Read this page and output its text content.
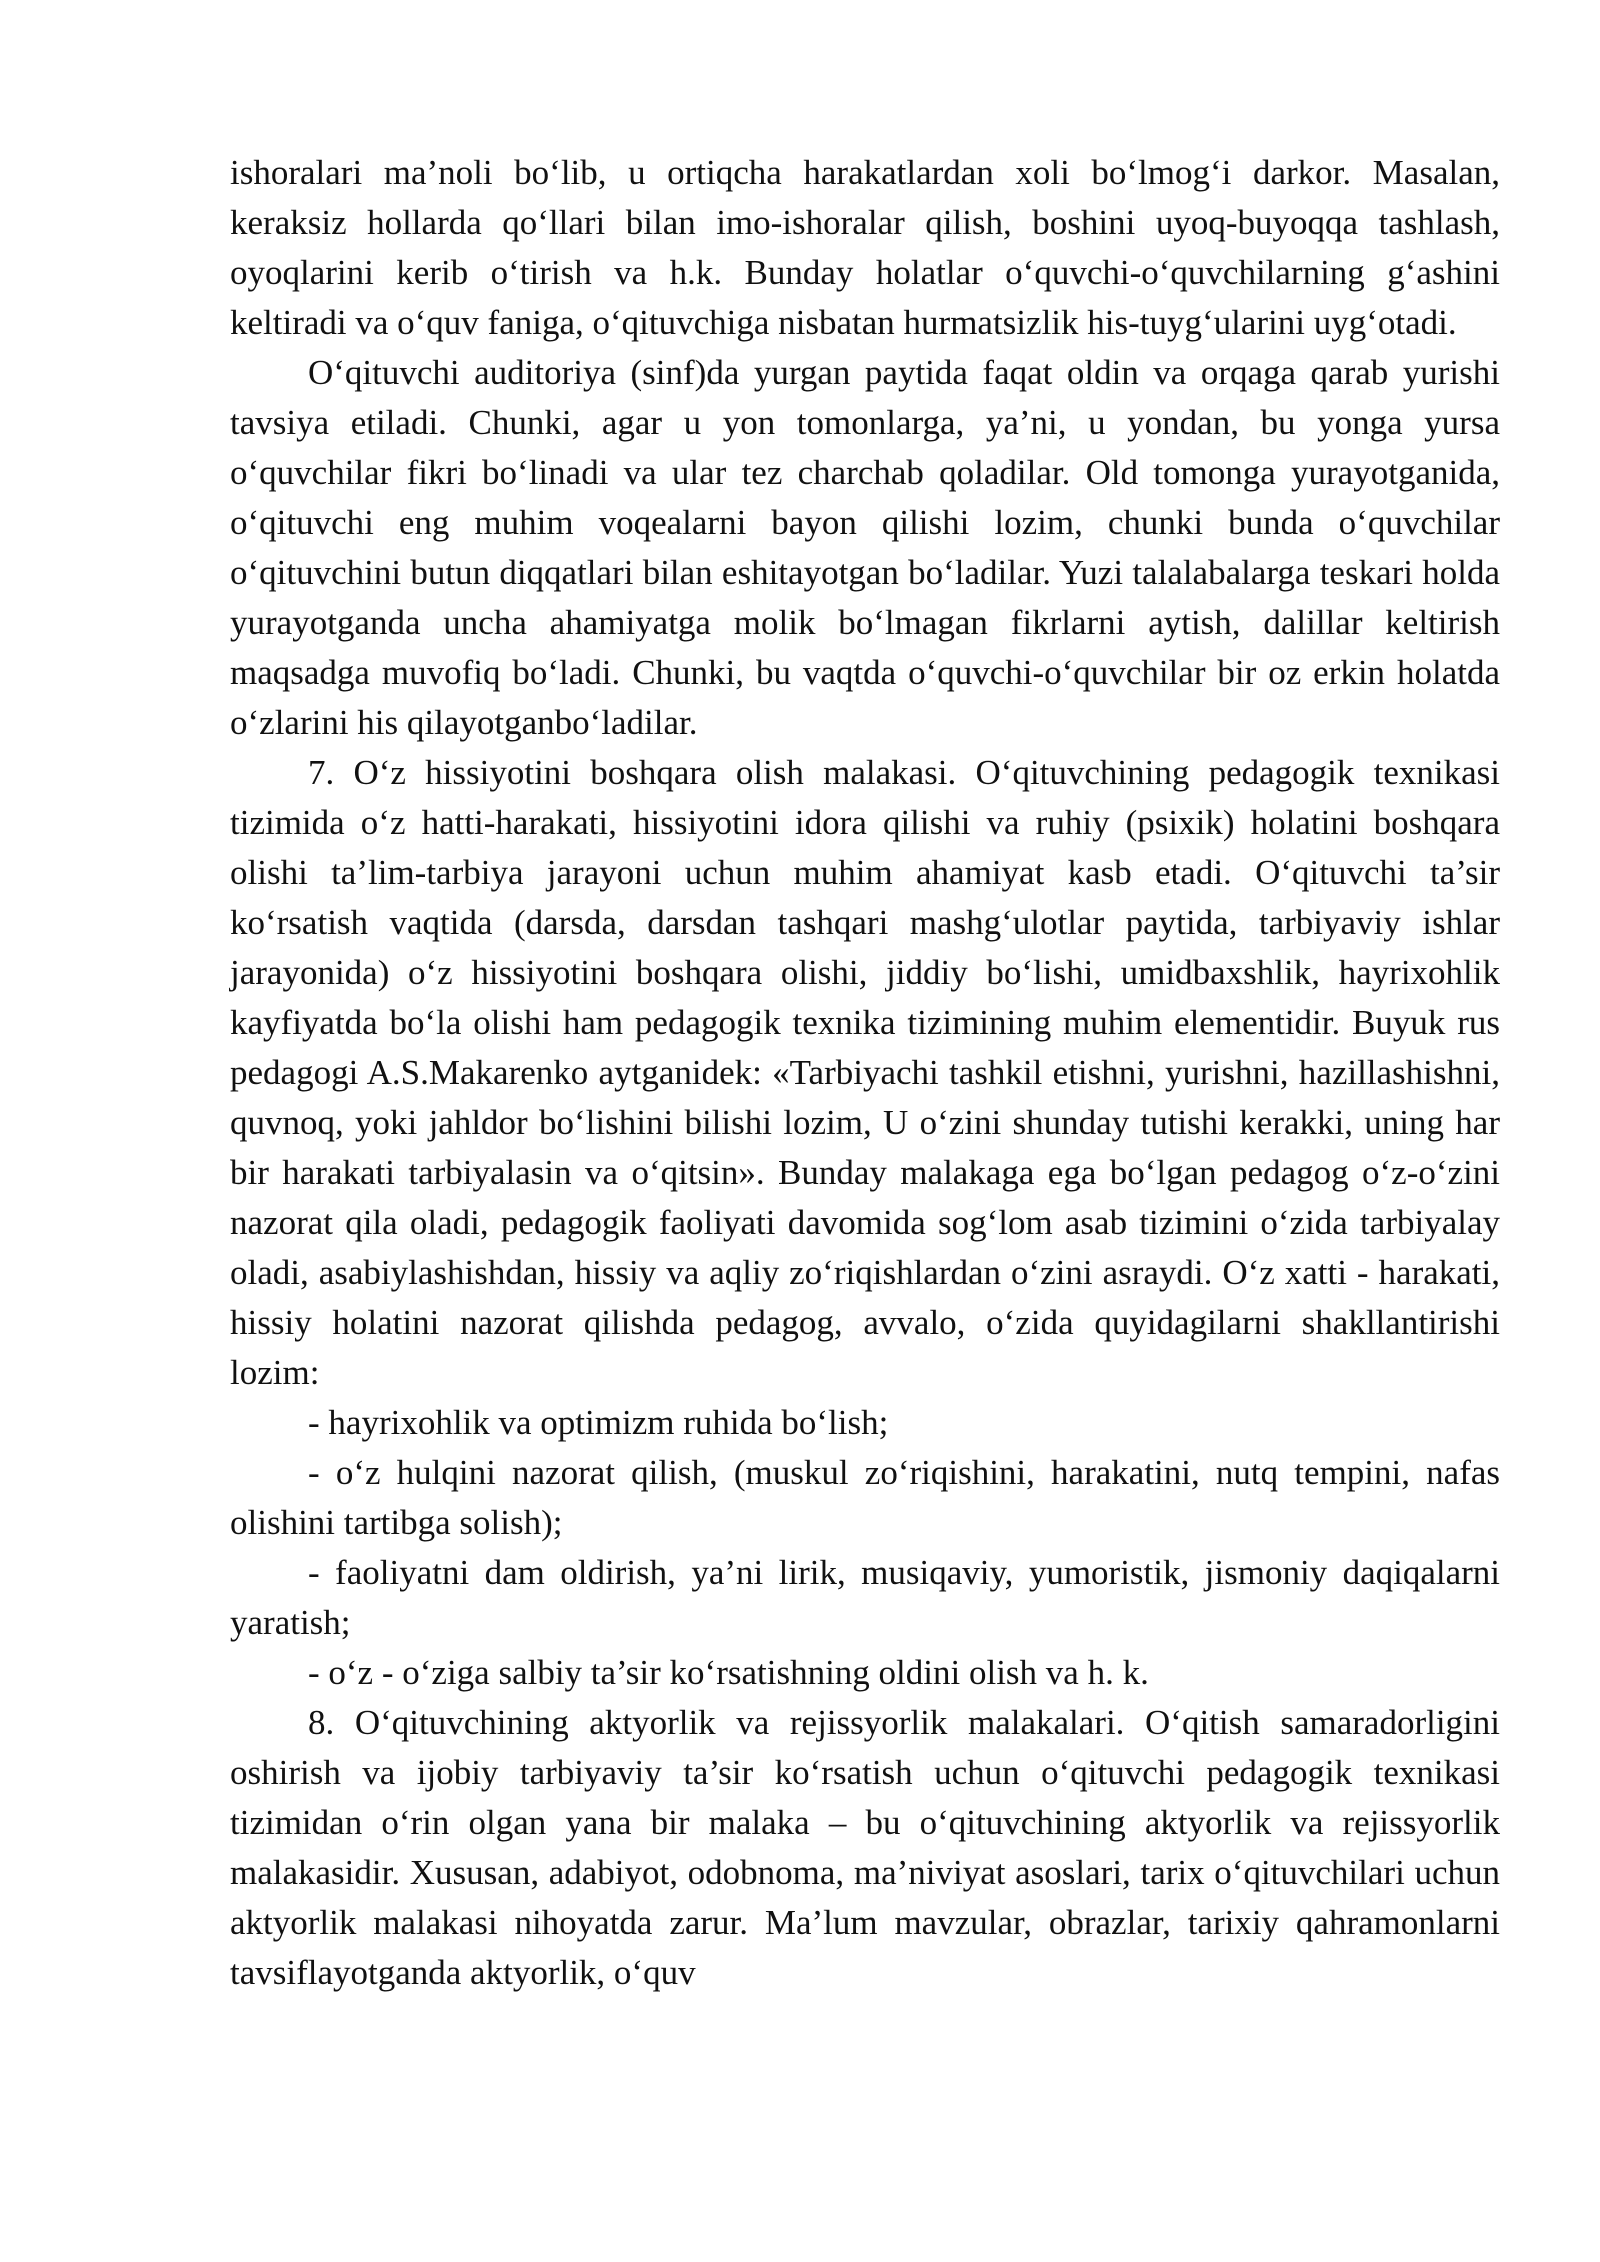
ishoralari ma’noli bo‘lib, u ortiqcha harakatlardan xoli bo‘lmog‘i darkor. Masalan, keraksiz hollarda qo‘llari bilan imo-ishoralar qilish, boshini uyoq-buyoqqa tashlash, oyoqlarini kerib o‘tirish va h.k. Bunday holatlar o‘quvchi-o‘quvchilarning g‘ashini keltiradi va o‘quv faniga, o‘qituvchiga nisbatan hurmatsizlik his-tuyg‘ularini uyg‘otadi.

O‘qituvchi auditoriya (sinf)da yurgan paytida faqat oldin va orqaga qarab yurishi tavsiya etiladi. Chunki, agar u yon tomonlarga, ya’ni, u yondan, bu yonga yursa o‘quvchilar fikri bo‘linadi va ular tez charchab qoladilar. Old tomonga yurayotganida, o‘qituvchi eng muhim voqealarni bayon qilishi lozim, chunki bunda o‘quvchilar o‘qituvchini butun diqqatlari bilan eshitayotgan bo‘ladilar. Yuzi talalabalarga teskari holda yurayotganda uncha ahamiyatga molik bo‘lmagan fikrlarni aytish, dalillar keltirish maqsadga muvofiq bo‘ladi. Chunki, bu vaqtda o‘quvchi-o‘quvchilar bir oz erkin holatda o‘zlarini his qilayotganbo‘ladilar.

7. O‘z hissiyotini boshqara olish malakasi. O‘qituvchining pedagogik texnikasi tizimida o‘z hatti-harakati, hissiyotini idora qilishi va ruhiy (psixik) holatini boshqara olishi ta’lim-tarbiya jarayoni uchun muhim ahamiyat kasb etadi. O‘qituvchi ta’sir ko‘rsatish vaqtida (darsda, darsdan tashqari mashg‘ulotlar paytida, tarbiyaviy ishlar jarayonida) o‘z hissiyotini boshqara olishi, jiddiy bo‘lishi, umidbaxshlik, hayrixohlik kayfiyatda bo‘la olishi ham pedagogik texnika tizimining muhim elementidir. Buyuk rus pedagogi A.S.Makarenko aytganidek: «Tarbiyachi tashkil etishni, yurishni, hazillashishni, quvnoq, yoki jahldor bo‘lishini bilishi lozim, U o‘zini shunday tutishi kerakki, uning har bir harakati tarbiyalasin va o‘qitsin». Bunday malakaga ega bo‘lgan pedagog o‘z-o‘zini nazorat qila oladi, pedagogik faoliyati davomida sog‘lom asab tizimini o‘zida tarbiyalay oladi, asabiylashishdan, hissiy va aqliy zo‘riqishlardan o‘zini asraydi. O‘z xatti - harakati, hissiy holatini nazorat qilishda pedagog, avvalo, o‘zida quyidagilarni shakllantirishi lozim:

- hayrixohlik va optimizm ruhida bo‘lish;

- o‘z hulqini nazorat qilish, (muskul zo‘riqishini, harakatini, nutq tempini, nafas olishini tartibga solish);

- faoliyatni dam oldirish, ya’ni lirik, musiqaviy, yumoristik, jismoniy daqiqalarni yaratish;

- o‘z - o‘ziga salbiy ta’sir ko‘rsatishning oldini olish va h. k.

8. O‘qituvchining aktyorlik va rejissyorlik malakalari. O‘qitish samaradorligini oshirish va ijobiy tarbiyaviy ta’sir ko‘rsatish uchun o‘qituvchi pedagogik texnikasi tizimidan o‘rin olgan yana bir malaka – bu o‘qituvchining aktyorlik va rejissyorlik malakasidir. Xususan, adabiyot, odobnoma, ma’niviyat asoslari, tarix o‘qituvchilari uchun aktyorlik malakasi nihoyatda zarur. Ma’lum mavzular, obrazlar, tarixiy qahramonlarni tavsiflayotganda aktyorlik, o‘quv
